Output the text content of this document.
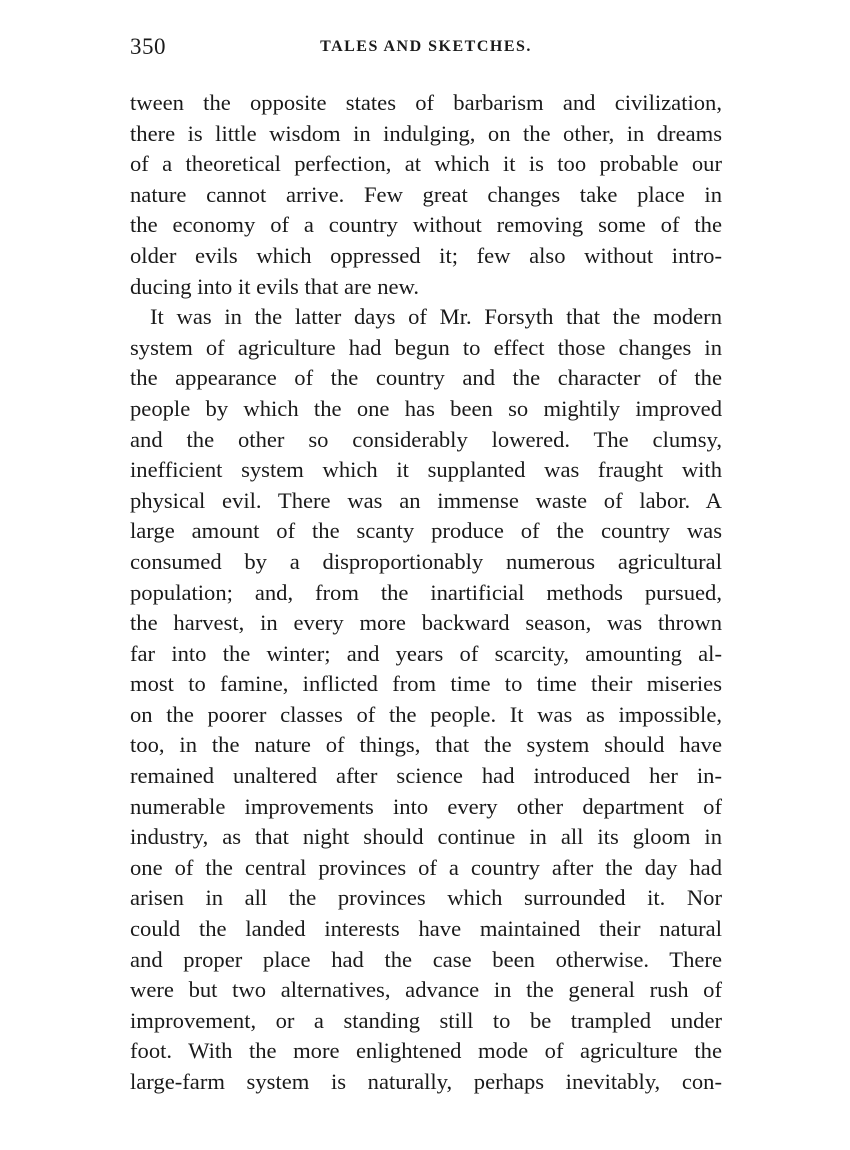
350	TALES AND SKETCHES.
tween the opposite states of barbarism and civilization,
there is little wisdom in indulging, on the other, in dreams
of a theoretical perfection, at which it is too probable our
nature cannot arrive. Few great changes take place in
the economy of a country without removing some of the
older evils which oppressed it; few also without intro-
ducing into it evils that are new.
It was in the latter days of Mr. Forsyth that the modern
system of agriculture had begun to effect those changes in
the appearance of the country and the character of the
people by which the one has been so mightily improved
and the other so considerably lowered. The clumsy,
inefficient system which it supplanted was fraught with
physical evil. There was an immense waste of labor. A
large amount of the scanty produce of the country was
consumed by a disproportionably numerous agricultural
population; and, from the inartificial methods pursued,
the harvest, in every more backward season, was thrown
far into the winter; and years of scarcity, amounting al-
most to famine, inflicted from time to time their miseries
on the poorer classes of the people. It was as impossible,
too, in the nature of things, that the system should have
remained unaltered after science had introduced her in-
numerable improvements into every other department of
industry, as that night should continue in all its gloom in
one of the central provinces of a country after the day had
arisen in all the provinces which surrounded it. Nor
could the landed interests have maintained their natural
and proper place had the case been otherwise. There
were but two alternatives, advance in the general rush of
improvement, or a standing still to be trampled under
foot. With the more enlightened mode of agriculture the
large-farm system is naturally, perhaps inevitably, con-
